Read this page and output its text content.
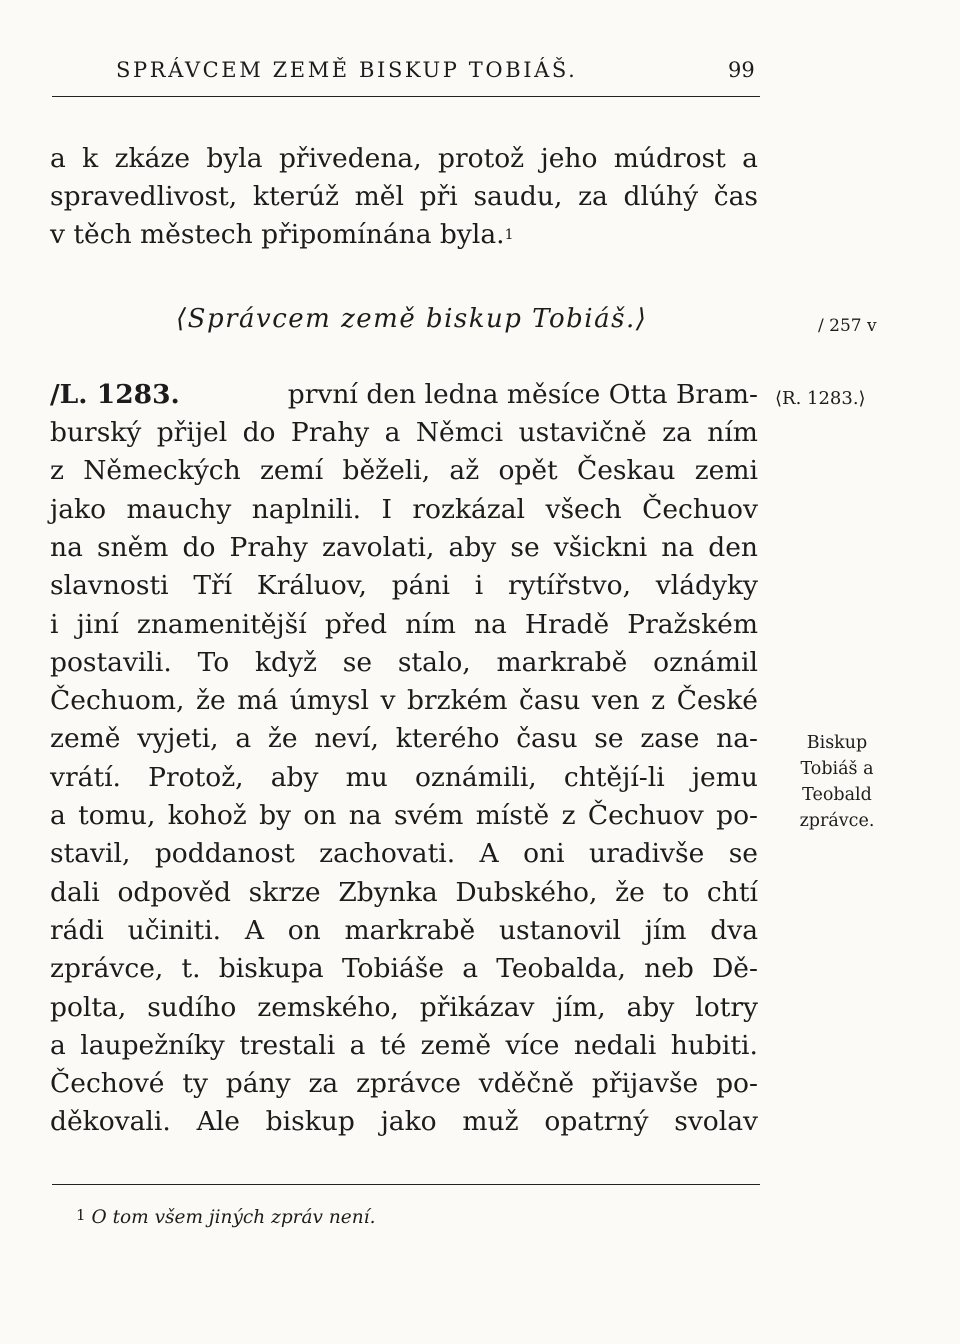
SPRÁVCEM ZEMĚ BISKUP TOBIÁŠ.	99
a k zkáze byla přivedena, protož jeho múdrost a
spravedlivost, kterúž měl při saudu, za dlúhý čas
v těch městech připomínána byla. 1
⟨Správcem země biskup Tobiáš.⟩	/ 257 v
/L. 1283.	první den ledna měsíce Otta Bram- ⟨R. 1283.⟩
burský přijel do Prahy a Němci ustavičně za ním
z Německých zemí běželi, až opět Českau zemi
jako mauchy naplnili. I rozkázal všech Čechuov
na sněm do Prahy zavolati, aby se všickni na den
slavnosti Tří Králuov, páni i rytířstvo, vládyky
i jiní znamenitější před ním na Hradě Pražském
postavili. To když se stalo, markrabě oznámil
Čechuom, že má úmysl v brzkém času ven z České
země vyjeti, a že neví, kterého času se zase na-
vrátí. Protož, aby mu oznámili, chtějí-li jemu
a tomu, kohož by on na svém místě z Čechuov po-
stavil, poddanost zachovati. A oni uradivše se
dali odpověd skrze Zbynka Dubského, že to chtí
rádi učiniti. A on markrabě ustanovil jím dva
zprávce, t. biskupa Tobiáše a Teobalda, neb Dě-
polta, sudího zemského, přikázav jím, aby lotry
a laupežníky trestali a té země více nedali hubiti.
Čechové ty pány za zprávce vděčně přijavše po-
děkovali. Ale biskup jako muž opatrný svolav
Biskup
Tobiáš a
Teobald
zprávce.
1 O tom všem jiných zpráv není.
